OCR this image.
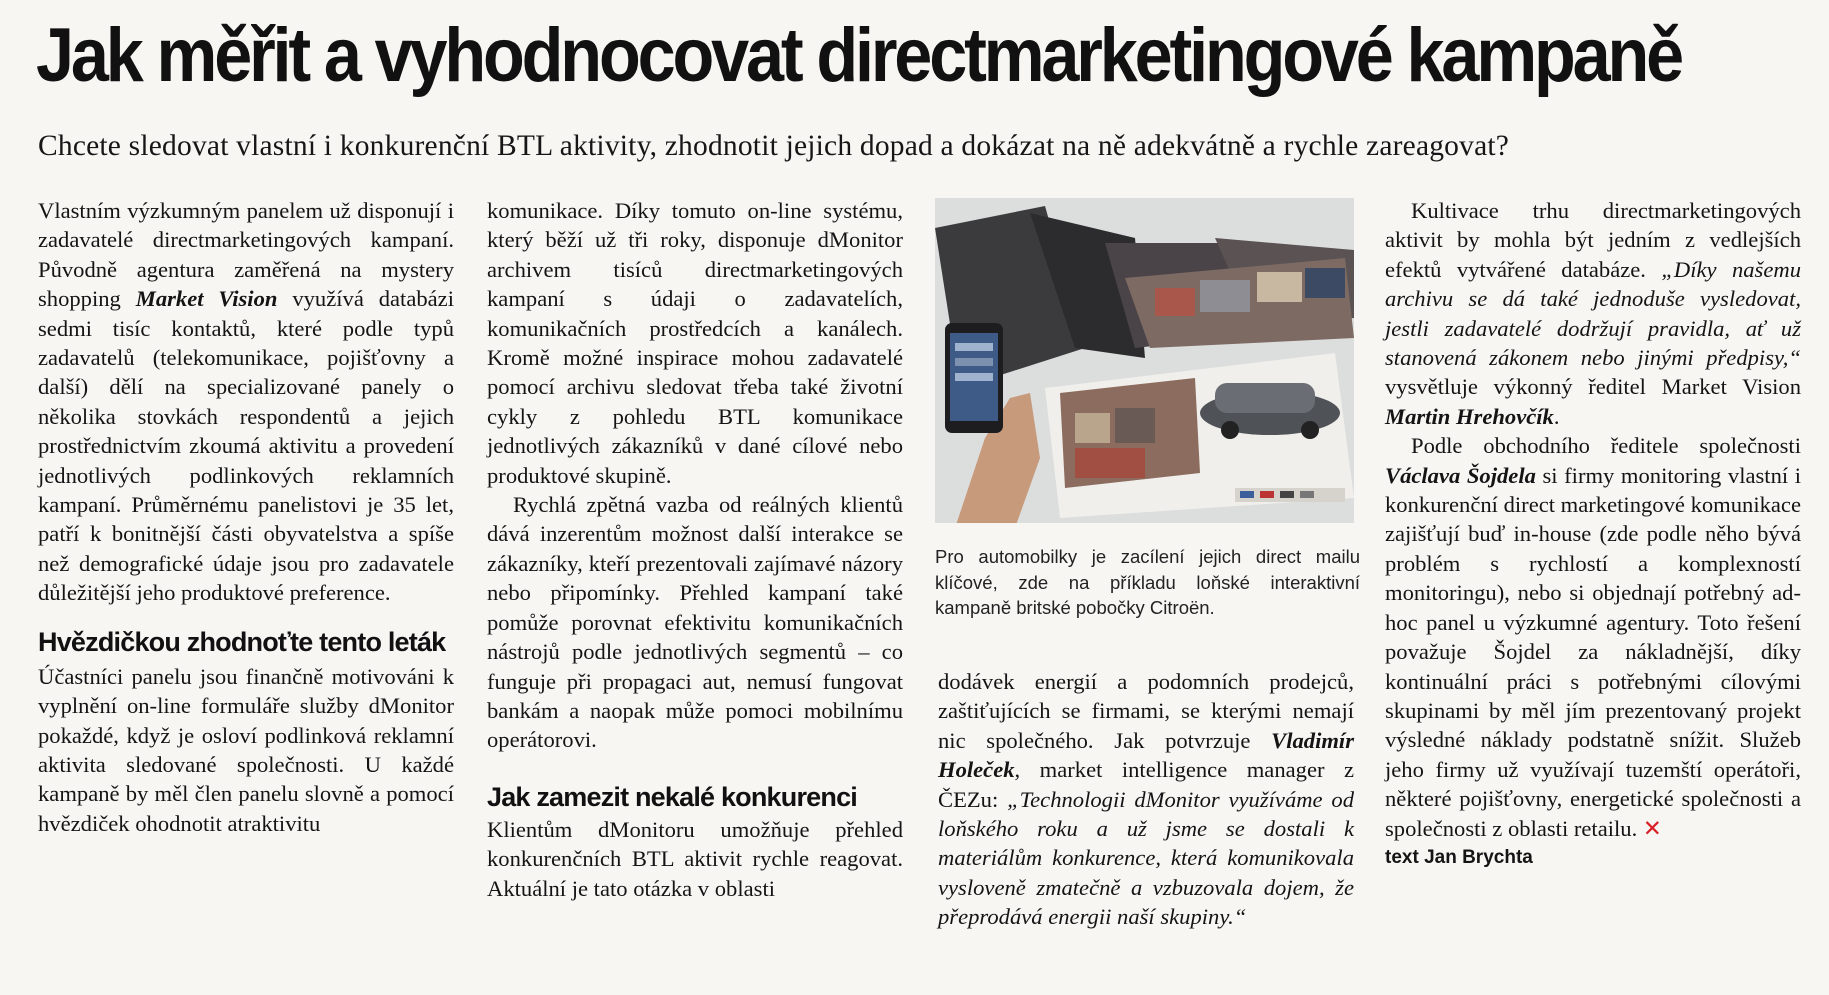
Jak měřit a vyhodnocovat directmarketingové kampaně

Chcete sledovat vlastní i konkurenční BTL aktivity, zhodnotit jejich dopad a dokázat na ně adekvátně a rychle zareagovat?

Vlastním výzkumným panelem už disponují i zadavatelé directmarketingových kampaní. Původně agentura zaměřená na mystery shopping Market Vision využívá databázi sedmi tisíc kontaktů, které podle typů zadavatelů (telekomunikace, pojišťovny a další) dělí na specializované panely o několika stovkách respondentů a jejich prostřednictvím zkoumá aktivitu a provedení jednotlivých podlinkových reklamních kampaní. Průměrnému panelistovi je 35 let, patří k bonitnější části obyvatelstva a spíše než demografické údaje jsou pro zadavatele důležitější jeho produktové preference.

Hvězdičkou zhodnoťte tento leták

Účastníci panelu jsou finančně motivováni k vyplnění on-line formuláře služby dMonitor pokaždé, když je osloví podlinková reklamní aktivita sledované společnosti. U každé kampaně by měl člen panelu slovně a pomocí hvězdiček ohodnotit atraktivitu

komunikace. Díky tomuto on-line systému, který běží už tři roky, disponuje dMonitor archivem tisíců directmarketingových kampaní s údaji o zadavatelích, komunikačních prostředcích a kanálech. Kromě možné inspirace mohou zadavatelé pomocí archivu sledovat třeba také životní cykly z pohledu BTL komunikace jednotlivých zákazníků v dané cílové nebo produktové skupině.

Rychlá zpětná vazba od reálných klientů dává inzerentům možnost další interakce se zákazníky, kteří prezentovali zajímavé názory nebo připomínky. Přehled kampaní také pomůže porovnat efektivitu komunikačních nástrojů podle jednotlivých segmentů – co funguje při propagaci aut, nemusí fungovat bankám a naopak může pomoci mobilnímu operátorovi.

Jak zamezit nekalé konkurenci

Klientům dMonitoru umožňuje přehled konkurenčních BTL aktivit rychle reagovat. Aktuální je tato otázka v oblasti

Pro automobilky je zacílení jejich direct mailu klíčové, zde na příkladu loňské interaktivní kampaně britské pobočky Citroën.

dodávek energií a podomních prodejců, zaštiťujících se firmami, se kterými nemají nic společného. Jak potvrzuje Vladimír Holeček, market intelligence manager z ČEZu: „Technologii dMonitor využíváme od loňského roku a už jsme se dostali k materiálům konkurence, která komunikovala vysloveně zmatečně a vzbuzovala dojem, že přeprodává energii naší skupiny.“

Kultivace trhu directmarketingových aktivit by mohla být jedním z vedlejších efektů vytvářené databáze. „Díky našemu archivu se dá také jednoduše vysledovat, jestli zadavatelé dodržují pravidla, ať už stanovená zákonem nebo jinými předpisy,“ vysvětluje výkonný ředitel Market Vision Martin Hrehovčík.

Podle obchodního ředitele společnosti Václava Šojdela si firmy monitoring vlastní i konkurenční direct marketingové komunikace zajišťují buď in-house (zde podle něho bývá problém s rychlostí a komplexností monitoringu), nebo si objednají potřebný ad-hoc panel u výzkumné agentury. Toto řešení považuje Šojdel za nákladnější, díky kontinuální práci s potřebnými cílovými skupinami by měl jím prezentovaný projekt výsledné náklady podstatně snížit. Služeb jeho firmy už využívají tuzemští operátoři, některé pojišťovny, energetické společnosti a společnosti z oblasti retailu. ✕

text Jan Brychta
